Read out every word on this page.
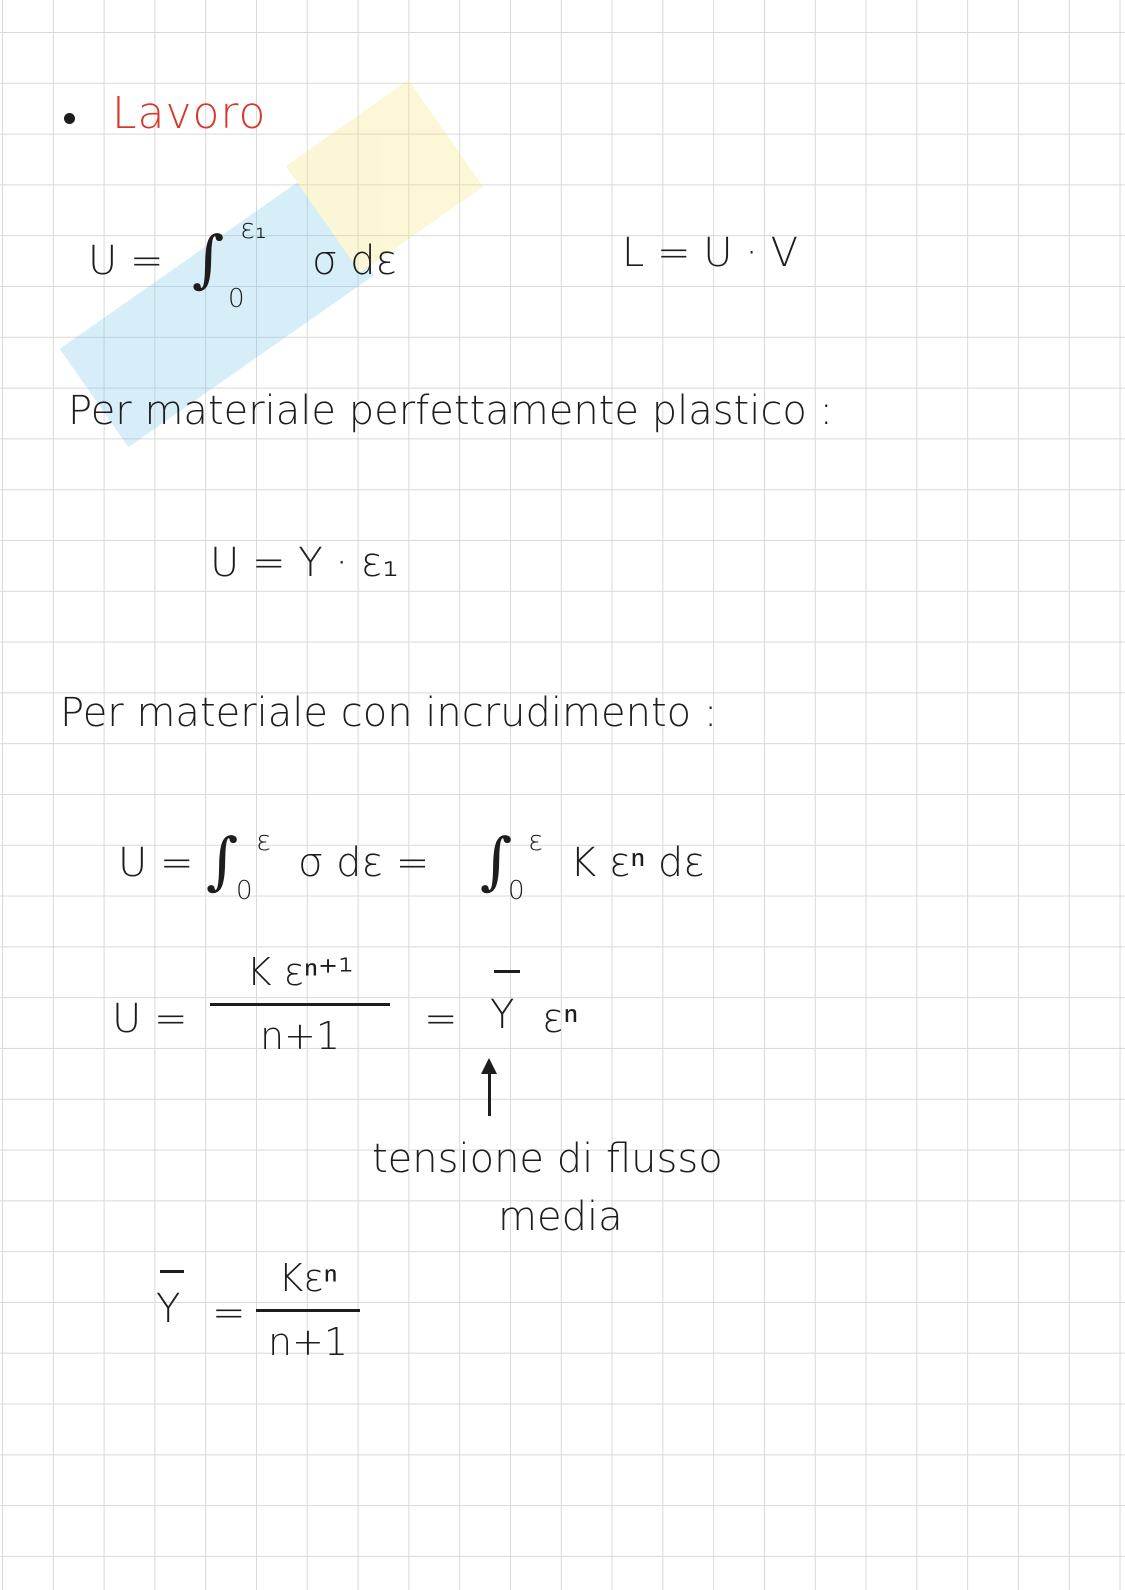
Lavoro
U = ∫ ε₁
0
σ dε	L = U · V
Per materiale perfettamente plastico :
U = Y · ε₁
Per materiale con incrudimento :
U = ∫ ε
0
σ dε = ∫ ε
0
K εⁿ dε
U =
K εⁿ⁺¹
n+1	= Y εⁿ
tensione di flusso
media
Y =
Kεⁿ
n+1
